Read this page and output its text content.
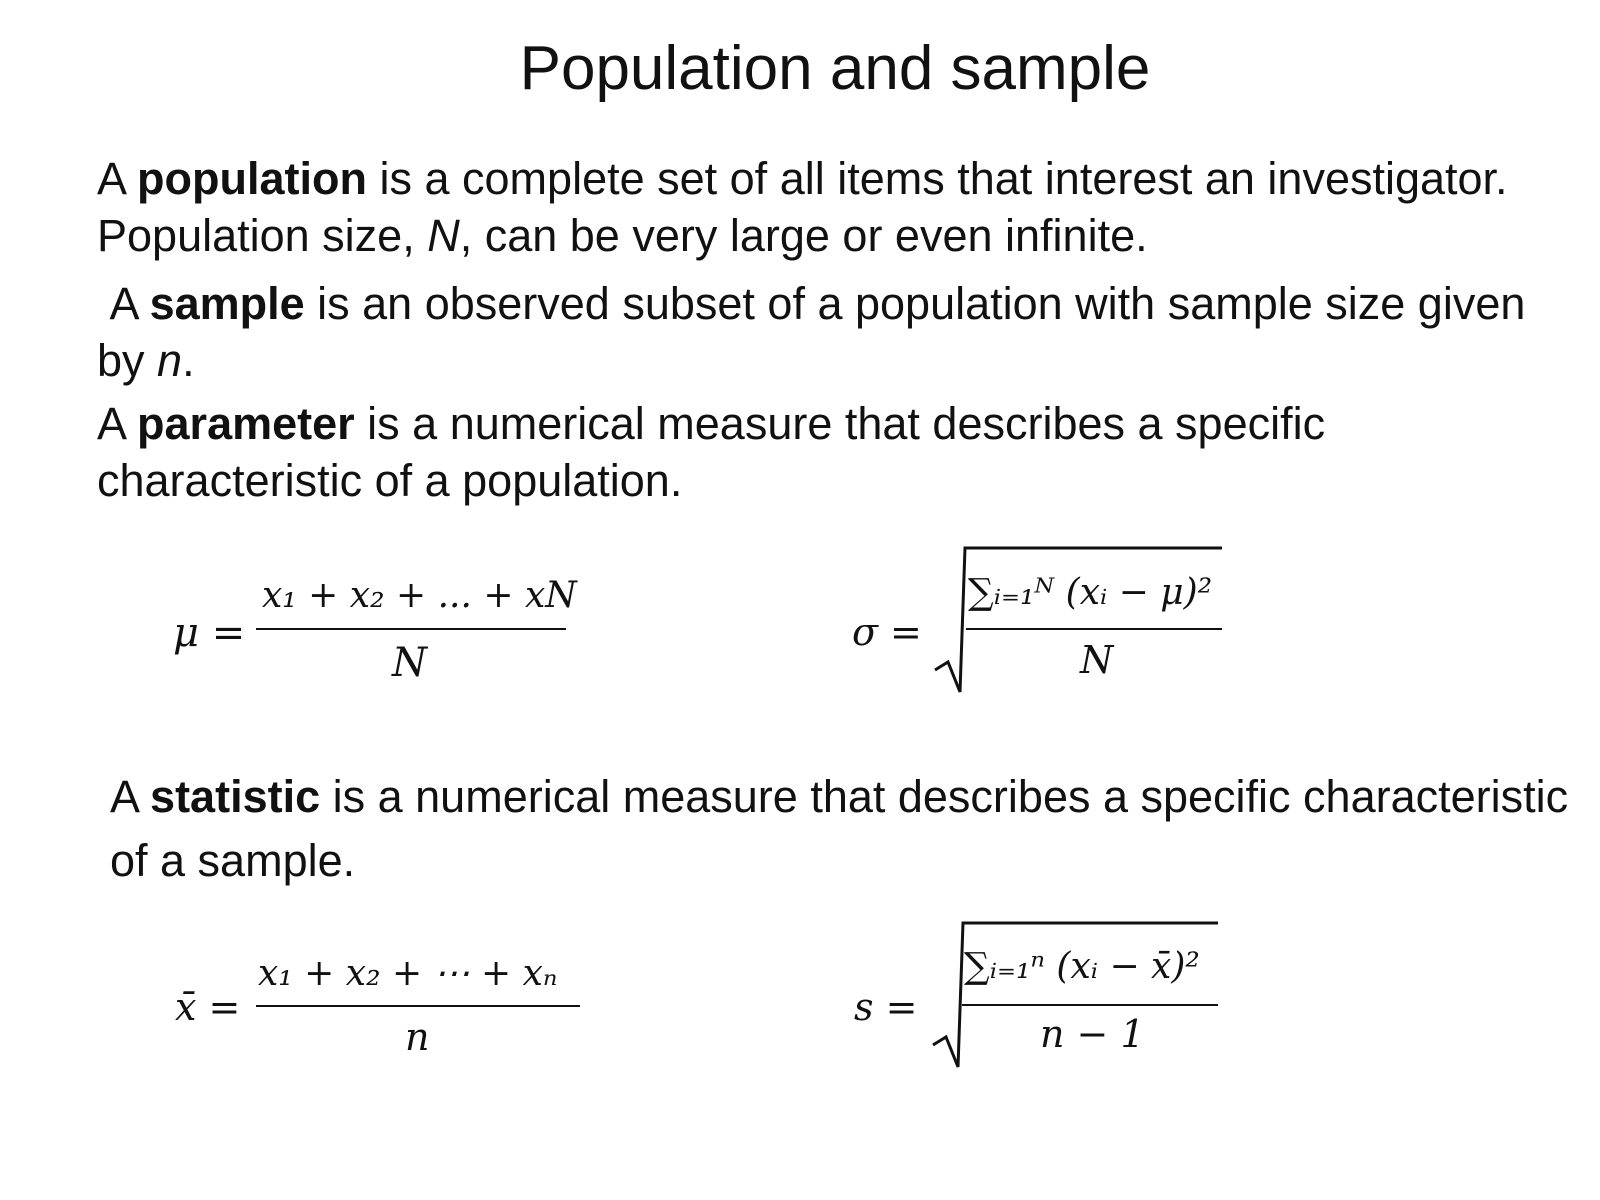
Population and sample

A population is a complete set of all items that interest an investigator. Population size, N, can be very large or even infinite.

A sample is an observed subset of a population with sample size given by n.

A parameter is a numerical measure that describes a specific characteristic of a population.

μ =
x₁ + x₂ + ... + xN
N
σ =
∑ᵢ₌₁ᴺ (xᵢ − μ)²
N

A statistic is a numerical measure that describes a specific characteristic of a sample.

x̄ =
x₁ + x₂ + ⋯ + xₙ
n
s =
∑ᵢ₌₁ⁿ (xᵢ − x̄)²
n − 1
